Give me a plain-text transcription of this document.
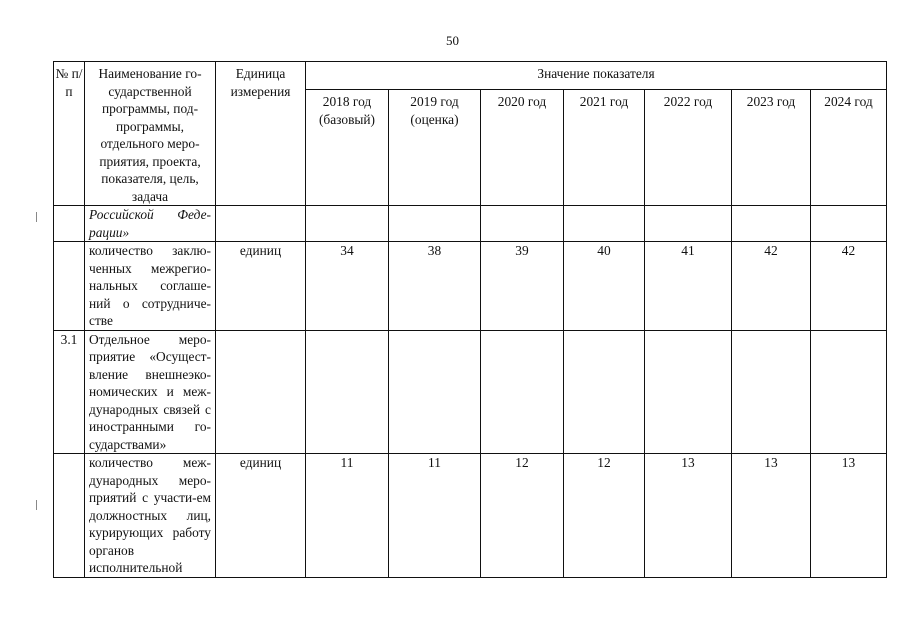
50
№ п/п	Наименование го-сударственной программы, под-программы, отдельного меро-приятия, проекта, показателя, цель, задача	Единица измерения	Значение показателя						
			2018 год (базовый)	2019 год (оценка)	2020 год	2021 год	2022 год	2023 год	2024 год
	Российской Феде-рации»								
	количество заклю-ченных межрегио-нальных соглаше-ний о сотрудниче-стве	единиц	34	38	39	40	41	42	42
3.1	Отдельное меро-приятие «Осущест-вление внешнеэко-номических и меж-дународных связей с иностранными го-сударствами»								
	количество меж-дународных меро-приятий с участи-ем должностных лиц, курирующих работу органов исполнительной	единиц	11	11	12	12	13	13	13
